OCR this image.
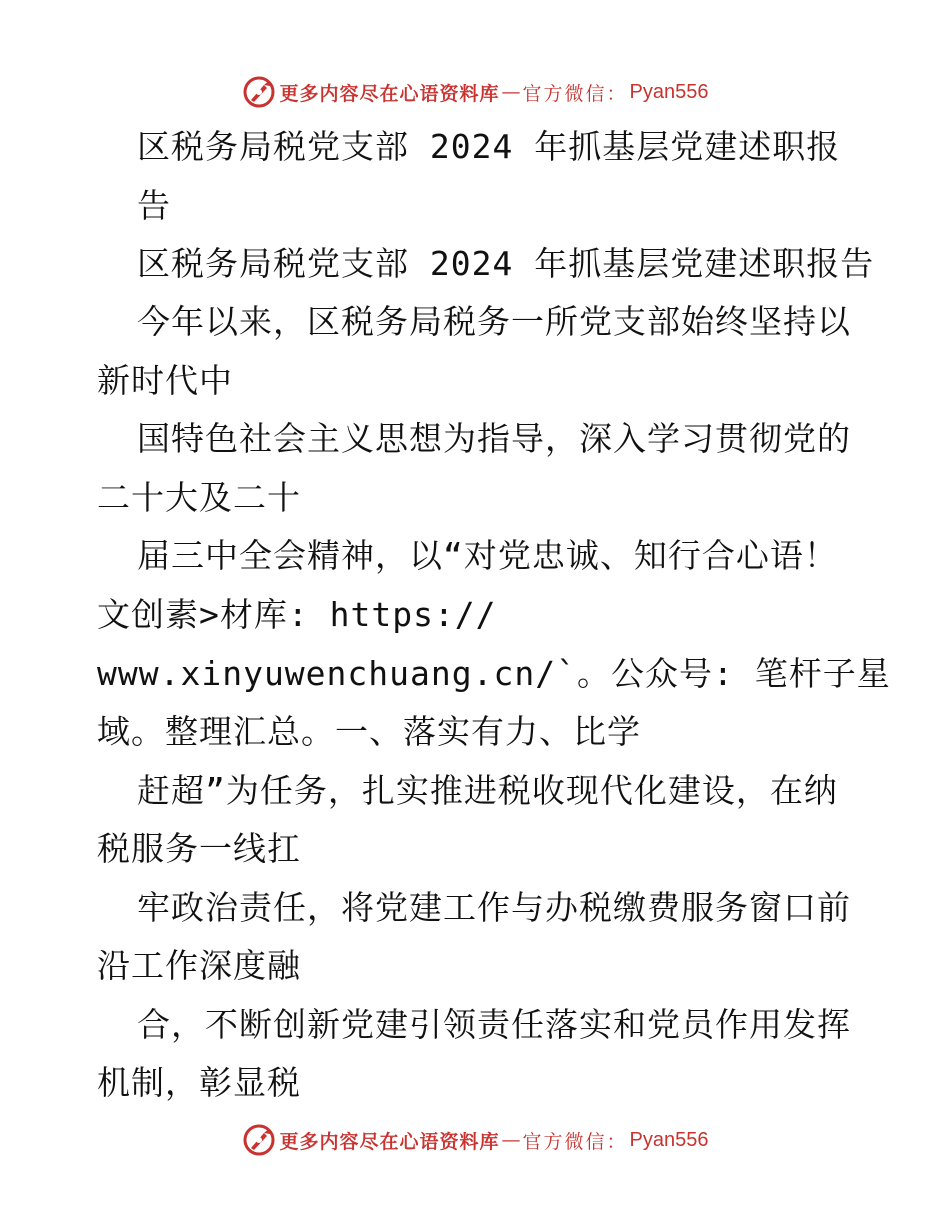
更多内容尽在心语资料库 — 官方微信： Pyan556
区税务局税党支部 2024 年抓基层党建述职报
告
区税务局税党支部 2024 年抓基层党建述职报告
今年以来，区税务局税务一所党支部始终坚持以
新时代中
国特色社会主义思想为指导，深入学习贯彻党的
二十大及二十
届三中全会精神，以“对党忠诚、知行合心语！
文创素>材库: https://
www.xinyuwenchuang.cn/`。公众号: 笔杆子星
域。整理汇总。一、落实有力、比学
赶超”为任务，扎实推进税收现代化建设，在纳
税服务一线扛
牢政治责任，将党建工作与办税缴费服务窗口前
沿工作深度融
合，不断创新党建引领责任落实和党员作用发挥
机制，彰显税
更多内容尽在心语资料库 — 官方微信： Pyan556
